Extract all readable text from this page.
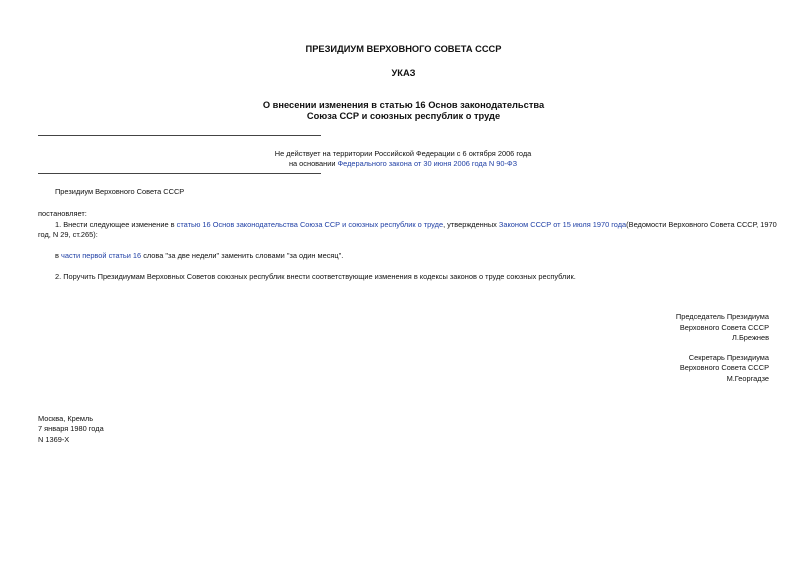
ПРЕЗИДИУМ ВЕРХОВНОГО СОВЕТА СССР
УКАЗ
О внесении изменения в статью 16 Основ законодательства
Союза ССР и союзных республик о труде
Не действует на территории Российской Федерации с 6 октября 2006 года
на основании Федерального закона от 30 июня 2006 года N 90-ФЗ
Президиум Верховного Совета СССР
постановляет:
1. Внести следующее изменение в статью 16 Основ законодательства Союза ССР и союзных республик о труде, утвержденных Законом СССР от 15 июля 1970 года(Ведомости Верховного Совета СССР, 1970
год, N 29, ст.265):
в части первой статьи 16 слова "за две недели" заменить словами "за один месяц".
2. Поручить Президиумам Верховных Советов союзных республик внести соответствующие изменения в кодексы законов о труде союзных республик.
Председатель Президиума
Верховного Совета СССР
Л.Брежнев
Секретарь Президиума
Верховного Совета СССР
М.Георгадзе
Москва, Кремль
7 января 1980 года
N 1369-X
